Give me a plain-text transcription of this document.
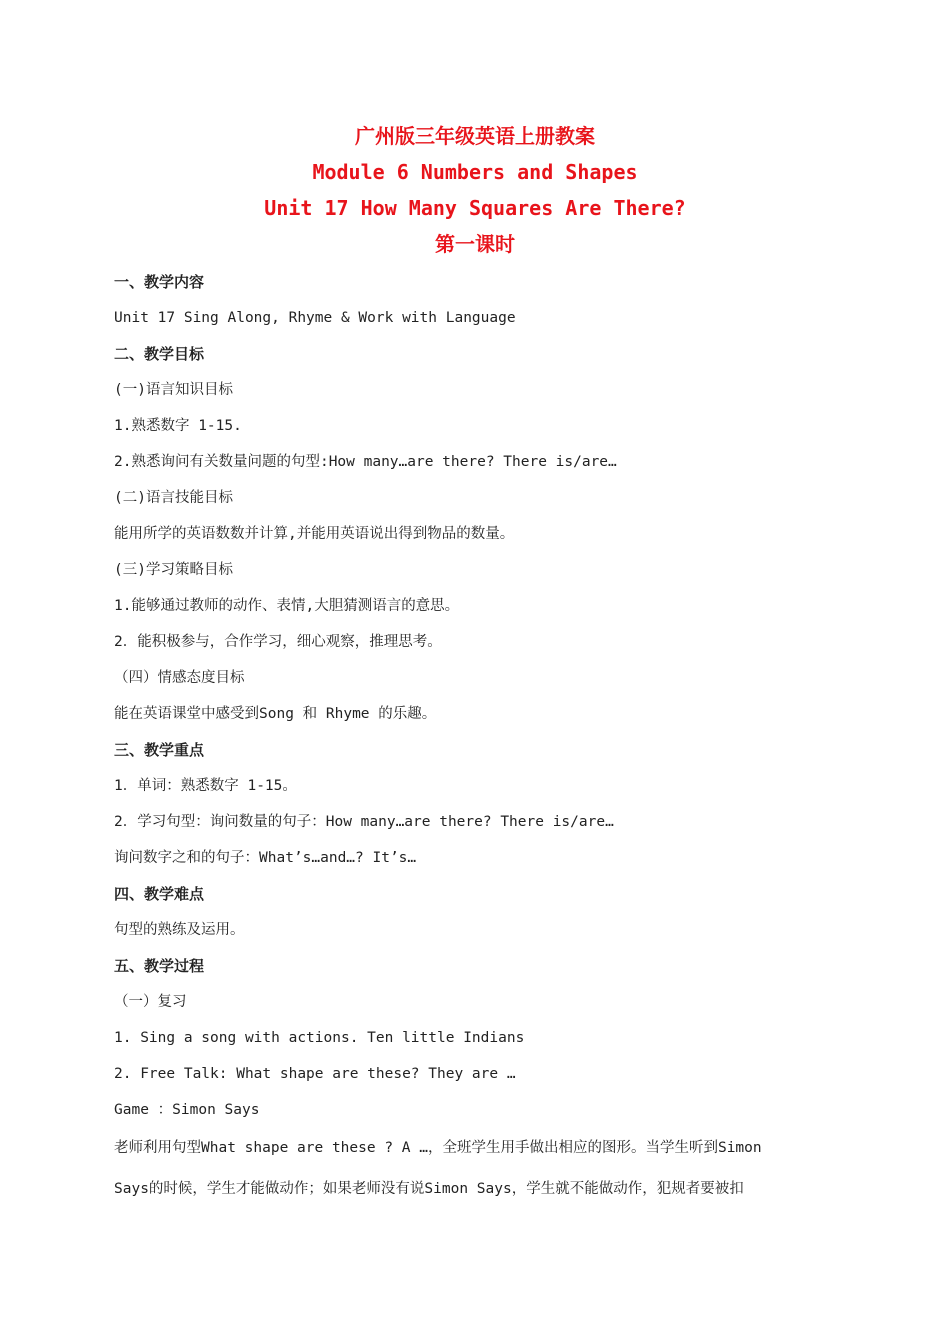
广州版三年级英语上册教案
Module 6 Numbers and Shapes
Unit 17 How Many Squares Are There?
第一课时
一、教学内容
Unit 17 Sing Along, Rhyme & Work with Language
二、教学目标
(一)语言知识目标
1.熟悉数字 1-15.
2.熟悉询问有关数量问题的句型:How many…are there? There is/are…
(二)语言技能目标
能用所学的英语数数并计算,并能用英语说出得到物品的数量。
(三)学习策略目标
1.能够通过教师的动作、表情,大胆猜测语言的意思。
2．能积极参与，合作学习，细心观察，推理思考。
（四）情感态度目标
能在英语课堂中感受到Song 和 Rhyme 的乐趣。
三、教学重点
1．单词：熟悉数字 1-15。
2．学习句型：询问数量的句子：How many…are there? There is/are…
询问数字之和的句子：What’s…and…? It’s…
四、教学难点
句型的熟练及运用。
五、教学过程
（一）复习
1. Sing a song with actions. Ten little Indians
2. Free Talk: What shape are these? They are …
Game ：Simon Says
老师利用句型What shape are these ? A …，全班学生用手做出相应的图形。当学生听到Simon
Says的时候，学生才能做动作；如果老师没有说Simon Says，学生就不能做动作，犯规者要被扣
